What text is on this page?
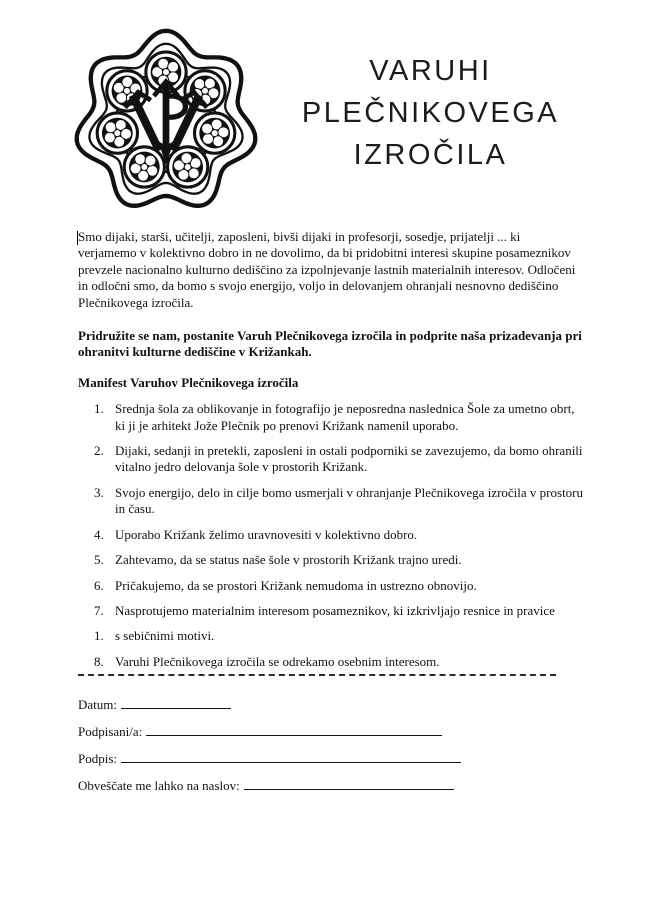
VARUHI
PLEČNIKOVEGA
IZROČILA

Smo dijaki, starši, učitelji, zaposleni, bivši dijaki in profesorji, sosedje, prijatelji ... ki verjamemo v kolektivno dobro in ne dovolimo, da bi pridobitni interesi skupine posameznikov prevzele nacionalno kulturno dediščino za izpolnjevanje lastnih materialnih interesov. Odločeni in odločni smo, da bomo s svojo energijo, voljo in delovanjem ohranjali nesnovno dediščino Plečnikovega izročila.

Pridružite se nam, postanite Varuh Plečnikovega izročila in podprite naša prizadevanja pri ohranitvi kulturne dediščine v Križankah.

Manifest Varuhov Plečnikovega izročila
1. Srednja šola za oblikovanje in fotografijo je neposredna naslednica Šole za umetno obrt, ki ji je arhitekt Jože Plečnik po prenovi Križank namenil uporabo.
2. Dijaki, sedanji in pretekli, zaposleni in ostali podporniki se zavezujemo, da bomo ohranili vitalno jedro delovanja šole v prostorih Križank.
3. Svojo energijo, delo in cilje bomo usmerjali v ohranjanje Plečnikovega izročila v prostoru in času.
4. Uporabo Križank želimo uravnovesiti v kolektivno dobro.
5. Zahtevamo, da se status naše šole v prostorih Križank trajno uredi.
6. Pričakujemo, da se prostori Križank nemudoma in ustrezno obnovijo.
7. Nasprotujemo materialnim interesom posameznikov, ki izkrivljajo resnice in pravice
1. s sebičnimi motivi.
8. Varuhi Plečnikovega izročila se odrekamo osebnim interesom.
Datum:
Podpisani/a:
Podpis:
Obveščate me lahko na naslov:
